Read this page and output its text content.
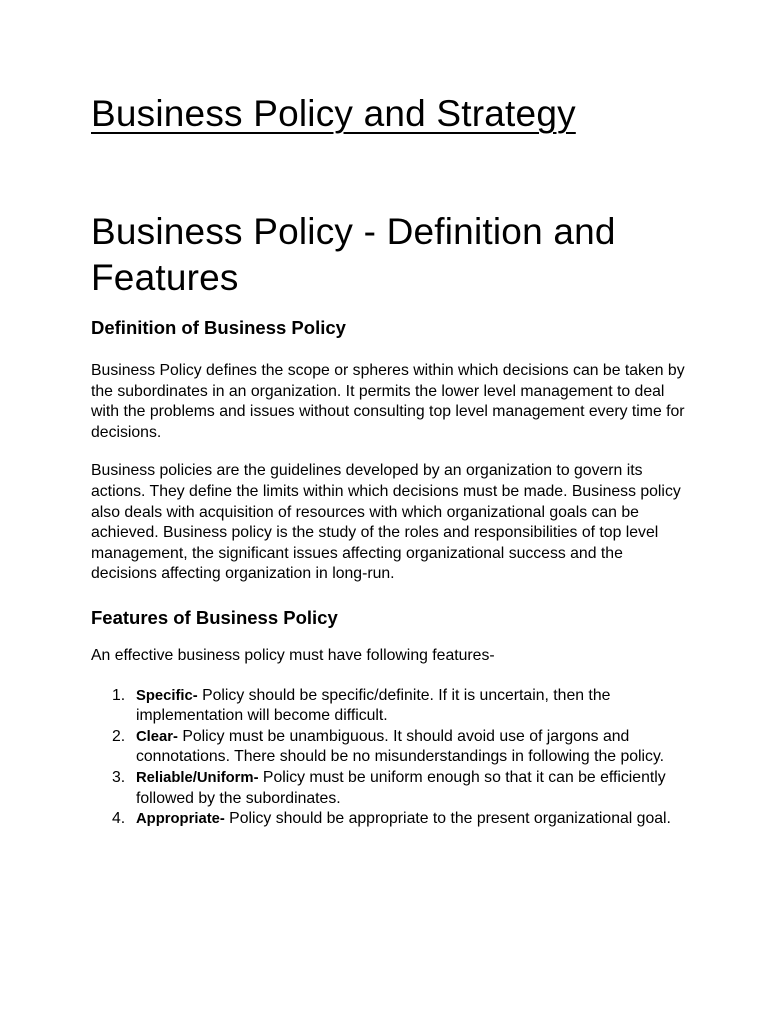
Business Policy and Strategy
Business Policy - Definition and Features
Definition of Business Policy

Business Policy defines the scope or spheres within which decisions can be taken by the subordinates in an organization. It permits the lower level management to deal with the problems and issues without consulting top level management every time for decisions.

Business policies are the guidelines developed by an organization to govern its actions. They define the limits within which decisions must be made. Business policy also deals with acquisition of resources with which organizational goals can be achieved. Business policy is the study of the roles and responsibilities of top level management, the significant issues affecting organizational success and the decisions affecting organization in long-run.

Features of Business Policy

An effective business policy must have following features-

1. Specific- Policy should be specific/definite. If it is uncertain, then the implementation will become difficult.
2. Clear- Policy must be unambiguous. It should avoid use of jargons and connotations. There should be no misunderstandings in following the policy.
3. Reliable/Uniform- Policy must be uniform enough so that it can be efficiently followed by the subordinates.
4. Appropriate- Policy should be appropriate to the present organizational goal.
